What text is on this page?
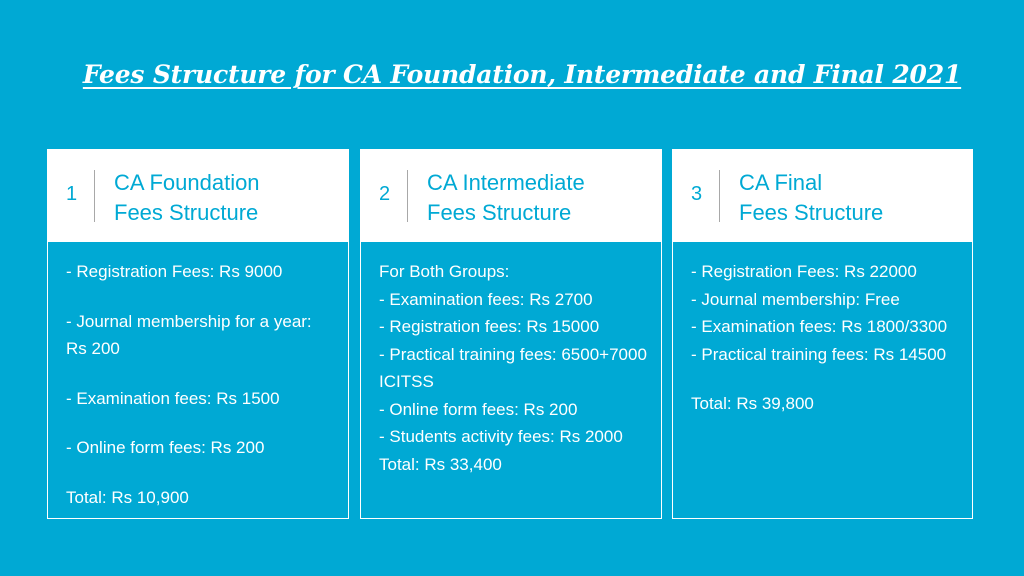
Fees Structure for CA Foundation, Intermediate and Final 2021
1 CA Foundation
Fees Structure

- Registration Fees: Rs 9000

- Journal membership for a year: Rs 200

- Examination fees: Rs 1500

- Online form fees: Rs 200

Total: Rs 10,900

2 CA Intermediate
Fees Structure

For Both Groups:

- Examination fees: Rs 2700

- Registration fees: Rs 15000

- Practical training fees: 6500+7000 ICITSS

- Online form fees: Rs 200

- Students activity fees: Rs 2000

Total: Rs 33,400

3 CA Final
Fees Structure

- Registration Fees: Rs 22000

- Journal membership: Free

- Examination fees: Rs 1800/3300

- Practical training fees: Rs 14500

Total: Rs 39,800
